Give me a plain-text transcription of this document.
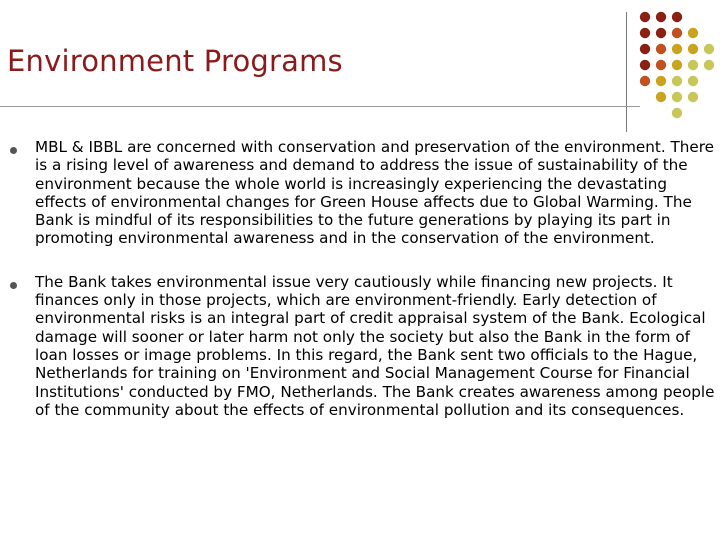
Environment Programs
MBL & IBBL are concerned with conservation and preservation of the environment. There is a rising level of awareness and demand to address the issue of sustainability of the environment because the whole world is increasingly experiencing the devastating effects of environmental changes for Green House affects due to Global Warming. The Bank is mindful of its responsibilities to the future generations by playing its part in promoting environmental awareness and in the conservation of the environment.
The Bank takes environmental issue very cautiously while financing new projects. It finances only in those projects, which are environment-friendly. Early detection of environmental risks is an integral part of credit appraisal system of the Bank. Ecological damage will sooner or later harm not only the society but also the Bank in the form of loan losses or image problems. In this regard, the Bank sent two officials to the Hague, Netherlands for training on 'Environment and Social Management Course for Financial Institutions' conducted by FMO, Netherlands. The Bank creates awareness among people of the community about the effects of environmental pollution and its consequences.
